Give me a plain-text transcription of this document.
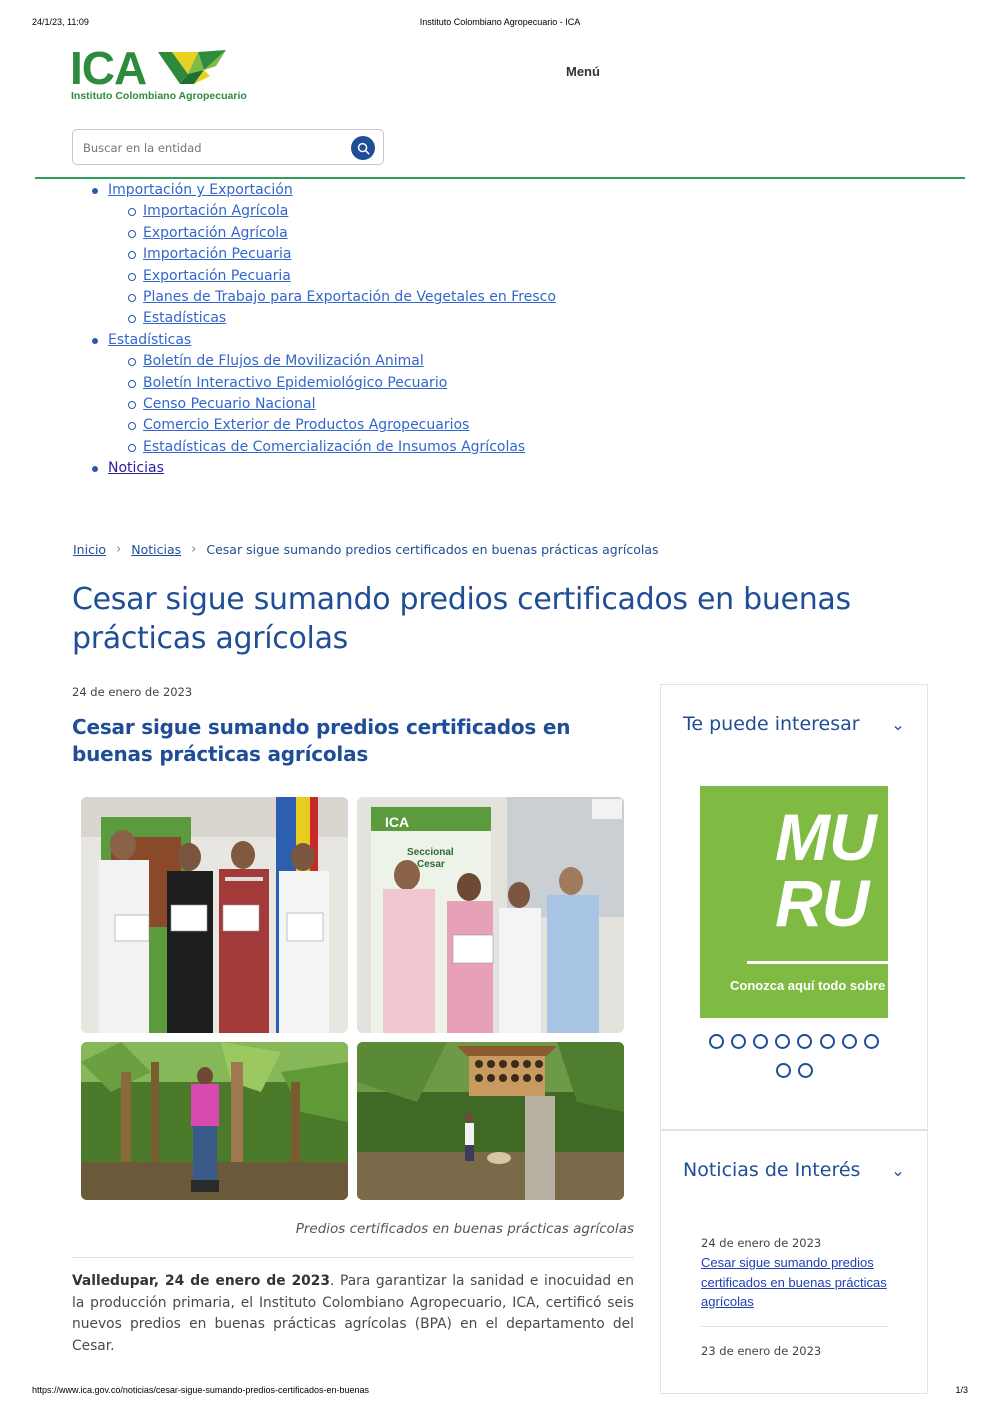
24/1/23, 11:09	Instituto Colombiano Agropecuario - ICA
ICA
Instituto Colombiano Agropecuario
Menú
Buscar en la entidad
Importación y Exportación
Importación Agrícola
Exportación Agrícola
Importación Pecuaria
Exportación Pecuaria
Planes de Trabajo para Exportación de Vegetales en Fresco
Estadísticas
Estadísticas
Boletín de Flujos de Movilización Animal
Boletín Interactivo Epidemiológico Pecuario
Censo Pecuario Nacional
Comercio Exterior de Productos Agropecuarios
Estadísticas de Comercialización de Insumos Agrícolas
Noticias
Inicio › Noticias › Cesar sigue sumando predios certificados en buenas prácticas agrícolas
Cesar sigue sumando predios certificados en buenas prácticas agrícolas
24 de enero de 2023
Cesar sigue sumando predios certificados en buenas prácticas agrícolas
ICA
Seccional
Cesar
Predios certificados en buenas prácticas agrícolas

Valledupar, 24 de enero de 2023. Para garantizar la sanidad e inocuidad en la producción primaria, el Instituto Colombiano Agropecuario, ICA, certificó seis nuevos predios en buenas prácticas agrícolas (BPA) en el departamento del Cesar.

Te puede interesar
MU
RU
Conozca aquí todo sobre
Noticias de Interés
24 de enero de 2023
Cesar sigue sumando predios certificados en buenas prácticas agrícolas
23 de enero de 2023
https://www.ica.gov.co/noticias/cesar-sigue-sumando-predios-certificados-en-buenas	1/3
